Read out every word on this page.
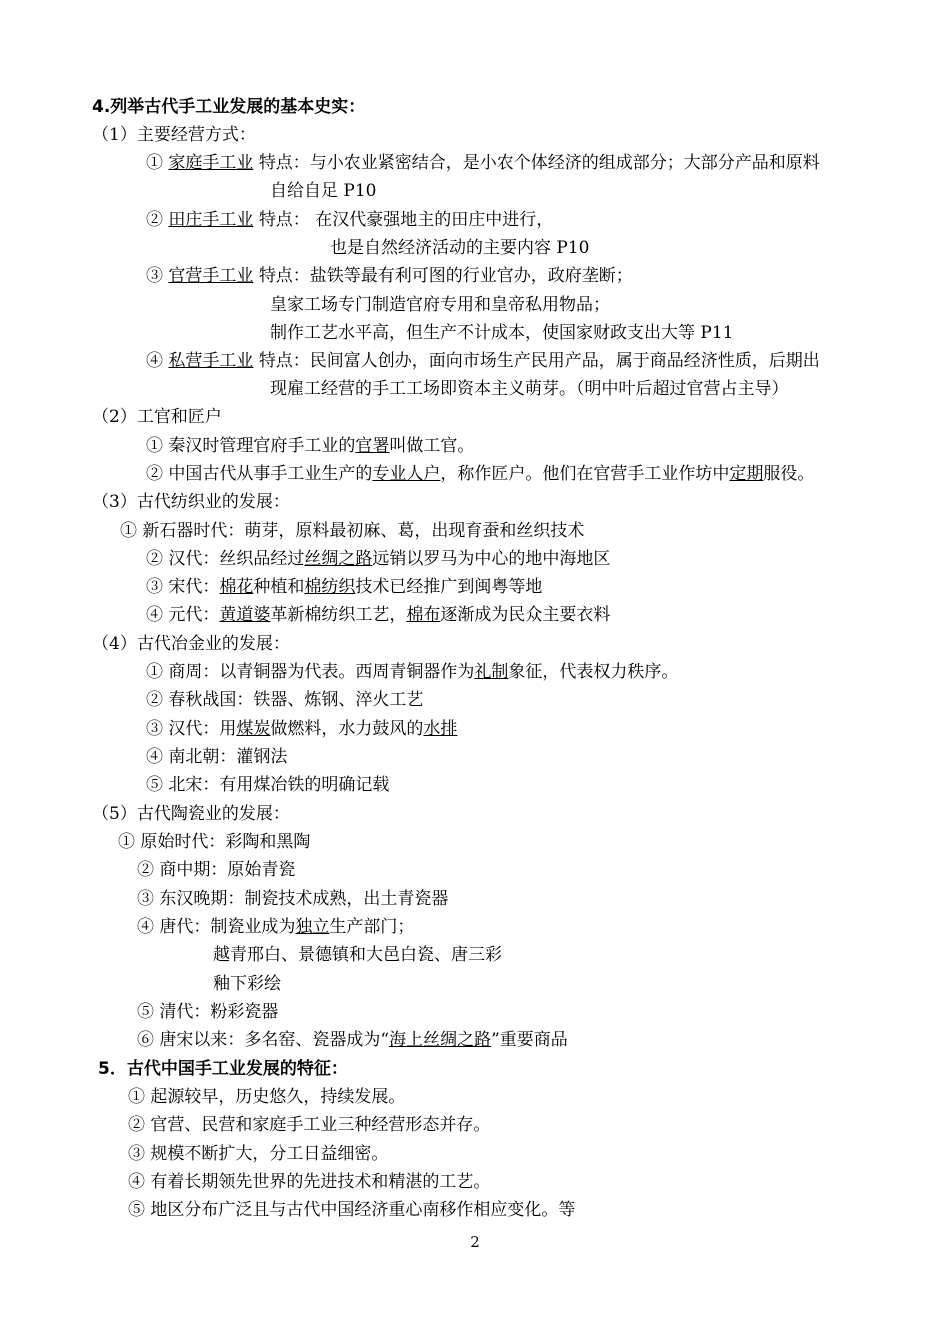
4.列举古代手工业发展的基本史实：
（1）主要经营方式：
① 家庭手工业 特点：与小农业紧密结合，是小农个体经济的组成部分；大部分产品和原料
自给自足 P10
② 田庄手工业 特点： 在汉代豪强地主的田庄中进行，
也是自然经济活动的主要内容 P10
③ 官营手工业 特点：盐铁等最有利可图的行业官办，政府垄断；
皇家工场专门制造官府专用和皇帝私用物品；
制作工艺水平高，但生产不计成本，使国家财政支出大等 P11
④ 私营手工业 特点：民间富人创办，面向市场生产民用产品，属于商品经济性质，后期出
现雇工经营的手工工场即资本主义萌芽。（明中叶后超过官营占主导）
（2）工官和匠户
① 秦汉时管理官府手工业的官署叫做工官。
② 中国古代从事手工业生产的专业人户，称作匠户。他们在官营手工业作坊中定期服役。
（3）古代纺织业的发展：
① 新石器时代：萌芽，原料最初麻、葛，出现育蚕和丝织技术
② 汉代：丝织品经过丝绸之路远销以罗马为中心的地中海地区
③ 宋代：棉花种植和棉纺织技术已经推广到闽粤等地
④ 元代：黄道婆革新棉纺织工艺，棉布逐渐成为民众主要衣料
（4）古代冶金业的发展：
① 商周：以青铜器为代表。西周青铜器作为礼制象征，代表权力秩序。
② 春秋战国：铁器、炼钢、淬火工艺
③ 汉代：用煤炭做燃料，水力鼓风的水排
④ 南北朝：灌钢法
⑤ 北宋：有用煤冶铁的明确记载
（5）古代陶瓷业的发展：
① 原始时代：彩陶和黑陶
② 商中期：原始青瓷
③ 东汉晚期：制瓷技术成熟，出土青瓷器
④ 唐代：制瓷业成为独立生产部门；
越青邢白、景德镇和大邑白瓷、唐三彩
釉下彩绘
⑤ 清代：粉彩瓷器
⑥ 唐宋以来：多名窑、瓷器成为“海上丝绸之路”重要商品
5．古代中国手工业发展的特征：
① 起源较早，历史悠久，持续发展。
② 官营、民营和家庭手工业三种经营形态并存。
③ 规模不断扩大，分工日益细密。
④ 有着长期领先世界的先进技术和精湛的工艺。
⑤ 地区分布广泛且与古代中国经济重心南移作相应变化。等
2
